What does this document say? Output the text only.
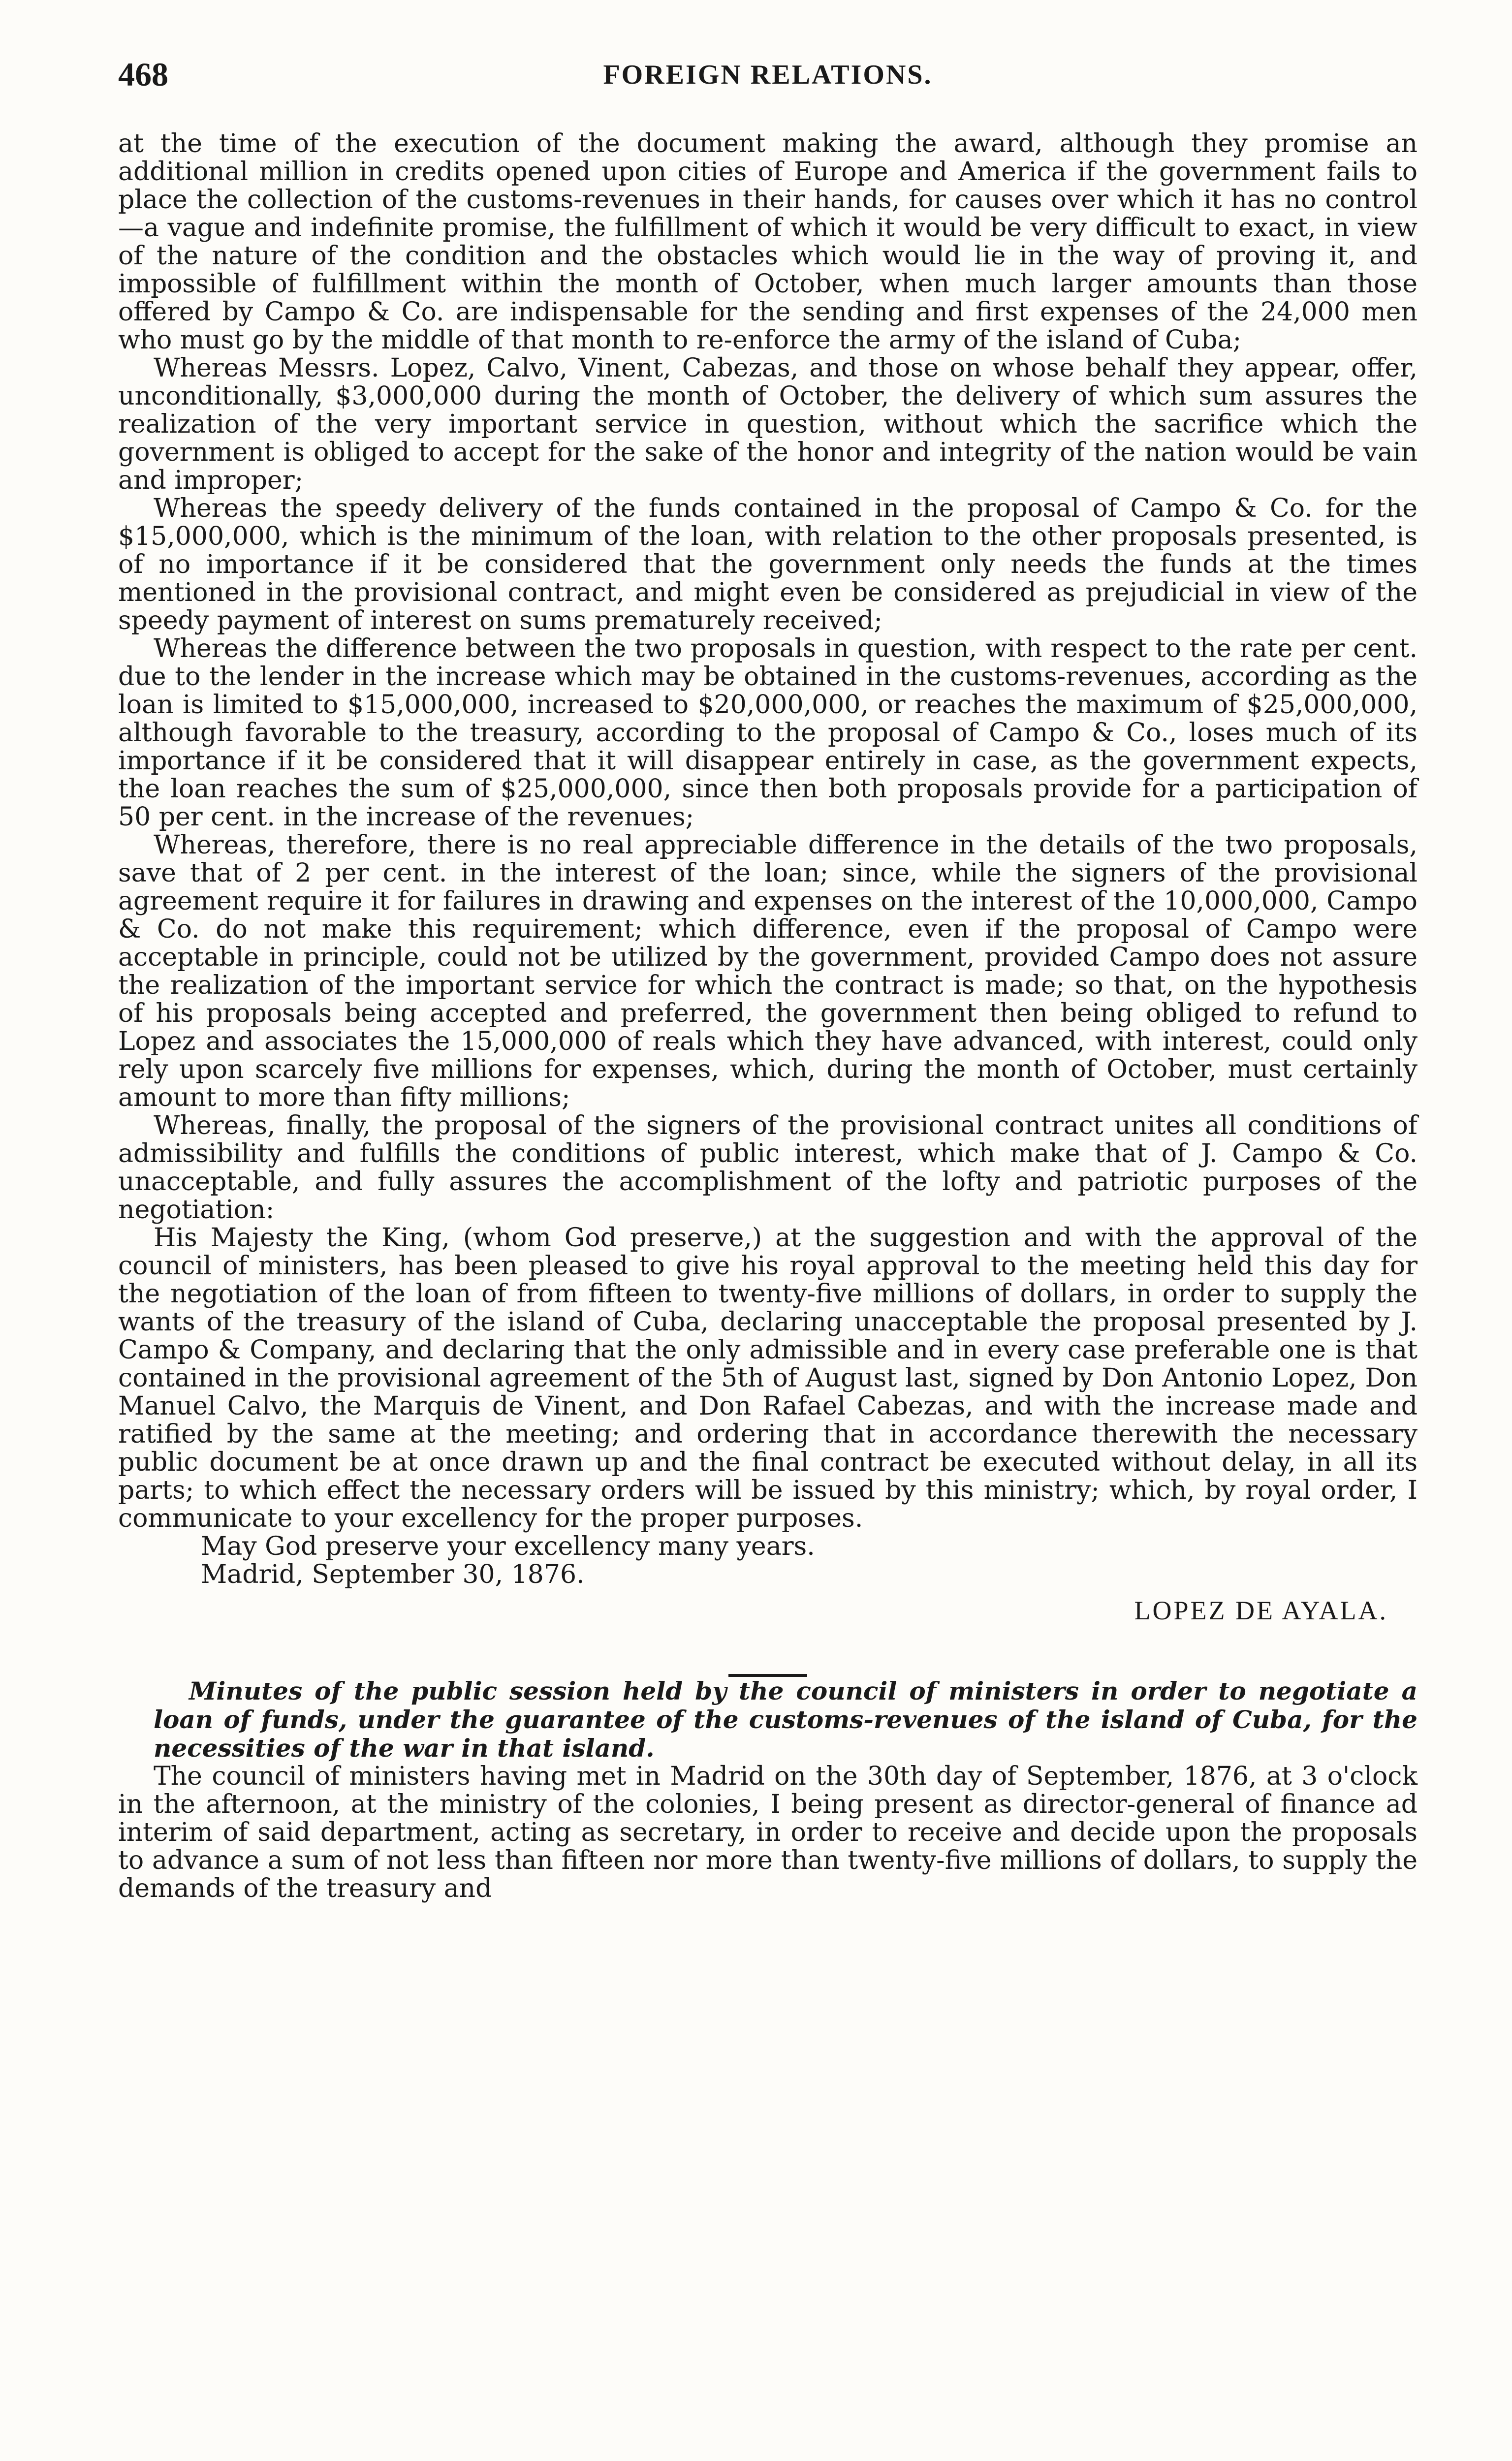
468	FOREIGN RELATIONS.

at the time of the execution of the document making the award, although they promise an additional million in credits opened upon cities of Europe and America if the government fails to place the collection of the customs-revenues in their hands, for causes over which it has no control—a vague and indefinite promise, the fulfillment of which it would be very difficult to exact, in view of the nature of the condition and the obstacles which would lie in the way of proving it, and impossible of fulfillment within the month of October, when much larger amounts than those offered by Campo & Co. are indispensable for the sending and first expenses of the 24,000 men who must go by the middle of that month to re-enforce the army of the island of Cuba;

Whereas Messrs. Lopez, Calvo, Vinent, Cabezas, and those on whose behalf they appear, offer, unconditionally, $3,000,000 during the month of October, the delivery of which sum assures the realization of the very important service in question, without which the sacrifice which the government is obliged to accept for the sake of the honor and integrity of the nation would be vain and improper;

Whereas the speedy delivery of the funds contained in the proposal of Campo & Co. for the $15,000,000, which is the minimum of the loan, with relation to the other proposals presented, is of no importance if it be considered that the government only needs the funds at the times mentioned in the provisional contract, and might even be considered as prejudicial in view of the speedy payment of interest on sums prematurely received;

Whereas the difference between the two proposals in question, with respect to the rate per cent. due to the lender in the increase which may be obtained in the customs-revenues, according as the loan is limited to $15,000,000, increased to $20,000,000, or reaches the maximum of $25,000,000, although favorable to the treasury, according to the proposal of Campo & Co., loses much of its importance if it be considered that it will disappear entirely in case, as the government expects, the loan reaches the sum of $25,000,000, since then both proposals provide for a participation of 50 per cent. in the increase of the revenues;

Whereas, therefore, there is no real appreciable difference in the details of the two proposals, save that of 2 per cent. in the interest of the loan; since, while the signers of the provisional agreement require it for failures in drawing and expenses on the interest of the 10,000,000, Campo & Co. do not make this requirement; which difference, even if the proposal of Campo were acceptable in principle, could not be utilized by the government, provided Campo does not assure the realization of the important service for which the contract is made; so that, on the hypothesis of his proposals being accepted and preferred, the government then being obliged to refund to Lopez and associates the 15,000,000 of reals which they have advanced, with interest, could only rely upon scarcely five millions for expenses, which, during the month of October, must certainly amount to more than fifty millions;

Whereas, finally, the proposal of the signers of the provisional contract unites all conditions of admissibility and fulfills the conditions of public interest, which make that of J. Campo & Co. unacceptable, and fully assures the accomplishment of the lofty and patriotic purposes of the negotiation:

His Majesty the King, (whom God preserve,) at the suggestion and with the approval of the council of ministers, has been pleased to give his royal approval to the meeting held this day for the negotiation of the loan of from fifteen to twenty-five millions of dollars, in order to supply the wants of the treasury of the island of Cuba, declaring unacceptable the proposal presented by J. Campo & Company, and declaring that the only admissible and in every case preferable one is that contained in the provisional agreement of the 5th of August last, signed by Don Antonio Lopez, Don Manuel Calvo, the Marquis de Vinent, and Don Rafael Cabezas, and with the increase made and ratified by the same at the meeting; and ordering that in accordance therewith the necessary public document be at once drawn up and the final contract be executed without delay, in all its parts; to which effect the necessary orders will be issued by this ministry; which, by royal order, I communicate to your excellency for the proper purposes.

May God preserve your excellency many years.

Madrid, September 30, 1876.

LOPEZ DE AYALA.

Minutes of the public session held by the council of ministers in order to negotiate a loan of funds, under the guarantee of the customs-revenues of the island of Cuba, for the necessities of the war in that island.

The council of ministers having met in Madrid on the 30th day of September, 1876, at 3 o'clock in the afternoon, at the ministry of the colonies, I being present as director-general of finance ad interim of said department, acting as secretary, in order to receive and decide upon the proposals to advance a sum of not less than fifteen nor more than twenty-five millions of dollars, to supply the demands of the treasury and
